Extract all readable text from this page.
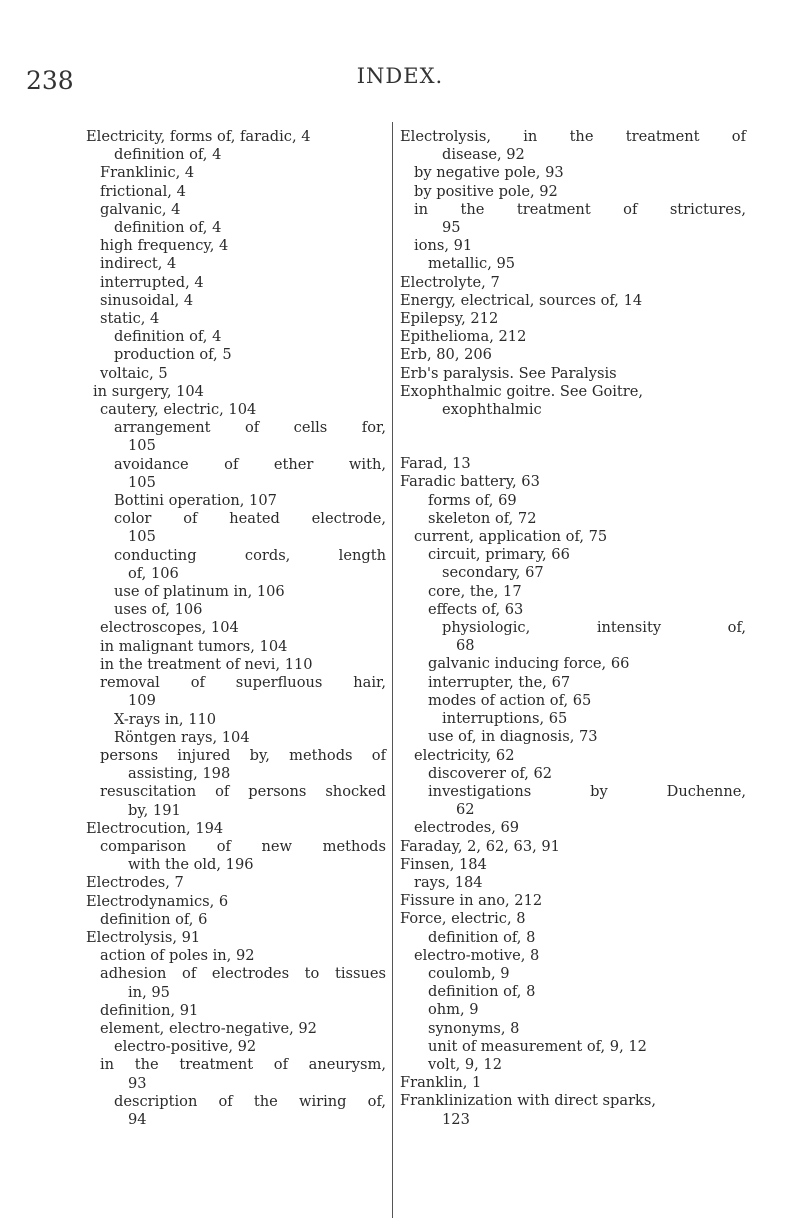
238	INDEX.
Electricity, forms of, faradic, 4
definition of, 4
Franklinic, 4
frictional, 4
galvanic, 4
definition of, 4
high frequency, 4
indirect, 4
interrupted, 4
sinusoidal, 4
static, 4
definition of, 4
production of, 5
voltaic, 5
in surgery, 104
cautery, electric, 104
arrangement of cells for,
105
avoidance of ether with,
105
Bottini operation, 107
color of heated electrode,
105
conducting cords, length
of, 106
use of platinum in, 106
uses of, 106
electroscopes, 104
in malignant tumors, 104
in the treatment of nevi, 110
removal of superfluous hair,
109
X-rays in, 110
Röntgen rays, 104
persons injured by, methods of
assisting, 198
resuscitation of persons shocked
by, 191
Electrocution, 194
comparison of new methods
with the old, 196
Electrodes, 7
Electrodynamics, 6
definition of, 6
Electrolysis, 91
action of poles in, 92
adhesion of electrodes to tissues
in, 95
definition, 91
element, electro-negative, 92
electro-positive, 92
in the treatment of aneurysm,
93
description of the wiring of,
94
Electrolysis, in the treatment of
disease, 92
by negative pole, 93
by positive pole, 92
in the treatment of strictures,
95
ions, 91
metallic, 95
Electrolyte, 7
Energy, electrical, sources of, 14
Epilepsy, 212
Epithelioma, 212
Erb, 80, 206
Erb's paralysis. See Paralysis
Exophthalmic goitre. See Goitre,
exophthalmic
Farad, 13
Faradic battery, 63
forms of, 69
skeleton of, 72
current, application of, 75
circuit, primary, 66
secondary, 67
core, the, 17
effects of, 63
physiologic, intensity of,
68
galvanic inducing force, 66
interrupter, the, 67
modes of action of, 65
interruptions, 65
use of, in diagnosis, 73
electricity, 62
discoverer of, 62
investigations by Duchenne,
62
electrodes, 69
Faraday, 2, 62, 63, 91
Finsen, 184
rays, 184
Fissure in ano, 212
Force, electric, 8
definition of, 8
electro-motive, 8
coulomb, 9
definition of, 8
ohm, 9
synonyms, 8
unit of measurement of, 9, 12
volt, 9, 12
Franklin, 1
Franklinization with direct sparks,
123
